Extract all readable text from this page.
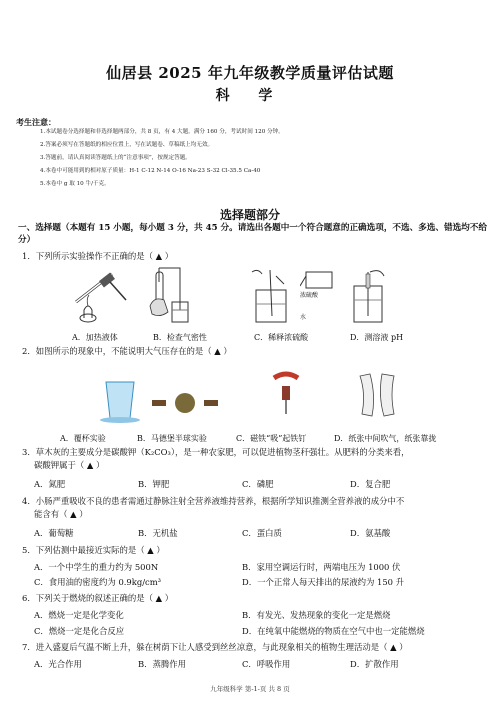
仙居县 2025 年九年级教学质量评估试题
科 学
考生注意：
1.本试题卷分选择题和非选择题两部分，共 8 页，有 4 大题。满分 160 分，考试时间 120 分钟。
2.答案必须写在答题纸的相应位置上，写在试题卷、草稿纸上均无效。
3.答题前，请认真阅读答题纸上的“注意事项”，按规定答题。
4.本卷中可能用到的相对原子质量：H-1 C-12 N-14 O-16 Na-23 S-32 Cl-35.5 Ca-40
5.本卷中 g 取 10 牛/千克。
选择题部分
一、选择题（本题有 15 小题，每小题 3 分，共 45 分。请选出各题中一个符合题意的正确选项，不选、多选、错选均不给分）
1．下列所示实验操作不正确的是（ ▲ ）
浓硫酸
水
A．加热液体	B．检查气密性	C．稀释浓硫酸	D．测溶液 pH
2．如图所示的现象中，不能说明大气压存在的是（ ▲ ）
A．覆杯实验	B．马德堡半球实验	C．磁铁“吸”起铁钉	D．纸张中间吹气，纸张靠拢
3．草木灰的主要成分是碳酸钾（K₂CO₃），是一种农家肥，可以促进植物茎秆强壮。从肥料的分类来看，
碳酸钾属于（ ▲ ）
A．氮肥	B．钾肥	C．磷肥	D．复合肥
4．小肠严重吸收不良的患者需通过静脉注射全营养液维持营养，根据所学知识推测全营养液的成分中不
能含有（ ▲ ）
A．葡萄糖	B．无机盐	C．蛋白质	D．氨基酸
5．下列估测中最接近实际的是（ ▲ ）
A．一个中学生的重力约为 500N	B．家用空调运行时，两端电压为 1000 伏
C．食用油的密度约为 0.9kg/cm³	D．一个正常人每天排出的尿液约为 150 升
6．下列关于燃烧的叙述正确的是（ ▲ ）
A．燃烧一定是化学变化	B．有发光、发热现象的变化一定是燃烧
C．燃烧一定是化合反应	D．在纯氧中能燃烧的物质在空气中也一定能燃烧
7．进入盛夏后气温不断上升，躲在树荫下让人感受到丝丝凉意，与此现象相关的植物生理活动是（ ▲ ）
A．光合作用	B．蒸腾作用	C．呼吸作用	D．扩散作用
九年级科学 第-1-页 共 8 页
